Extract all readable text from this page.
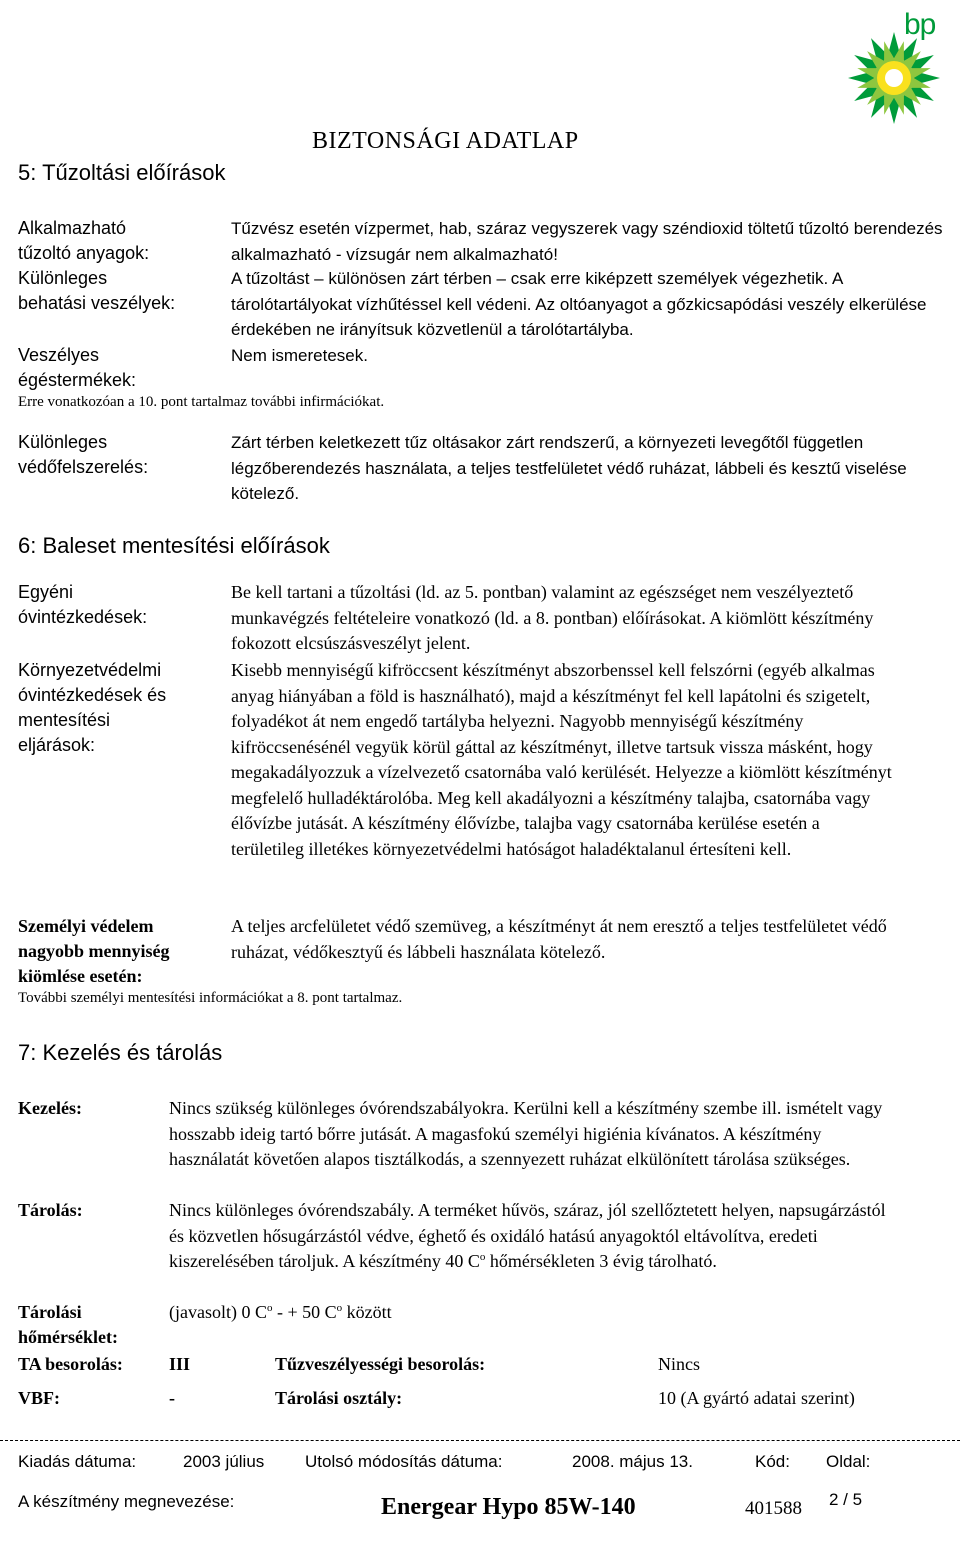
bp
BIZTONSÁGI ADATLAP
5: Tűzoltási előírások
Alkalmazható
tűzoltó anyagok:
Tűzvész esetén vízpermet, hab, száraz vegyszerek vagy széndioxid töltetű tűzoltó berendezés alkalmazható - vízsugár nem alkalmazható!
Különleges
behatási veszélyek:
A tűzoltást – különösen zárt térben – csak erre kiképzett személyek végezhetik. A tárolótartályokat vízhűtéssel kell védeni. Az oltóanyagot a gőzkicsapódási veszély elkerülése érdekében ne irányítsuk közvetlenül a tárolótartályba.
Veszélyes
égéstermékek:
Nem ismeretesek.
Erre vonatkozóan a 10. pont tartalmaz további infirmációkat.
Különleges
védőfelszerelés:
Zárt térben keletkezett tűz oltásakor zárt rendszerű, a környezeti levegőtől független légzőberendezés használata, a teljes testfelületet védő ruházat, lábbeli és kesztű viselése kötelező.
6: Baleset mentesítési előírások
Egyéni
óvintézkedések:
Be kell tartani a tűzoltási (ld. az 5. pontban) valamint az egészséget nem veszélyeztető munkavégzés feltételeire vonatkozó (ld. a 8. pontban) előírásokat. A kiömlött készítmény fokozott elcsúszásveszélyt jelent.
Környezetvédelmi
óvintézkedések és
mentesítési
eljárások:
Kisebb mennyiségű kifröccsent készítményt abszorbenssel kell felszórni (egyéb alkalmas anyag hiányában a föld is használható), majd a készítményt fel kell lapátolni és szigetelt, folyadékot át nem engedő tartályba helyezni. Nagyobb mennyiségű készítmény kifröccsenésénél vegyük körül gáttal az készítményt, illetve tartsuk vissza másként, hogy megakadályozzuk a vízelvezető csatornába való kerülését. Helyezze a kiömlött készítményt megfelelő hulladéktárolóba. Meg kell akadályozni a készítmény talajba, csatornába vagy élővízbe jutását. A készítmény élővízbe, talajba vagy csatornába kerülése esetén a területileg illetékes környezetvédelmi hatóságot haladéktalanul értesíteni kell.
Személyi védelem
nagyobb mennyiség
kiömlése esetén:
A teljes arcfelületet védő szemüveg, a készítményt át nem eresztő a teljes testfelületet védő ruházat, védőkesztyű és lábbeli használata kötelező.
További személyi mentesítési információkat a 8. pont tartalmaz.
7: Kezelés és tárolás
Kezelés:	Nincs szükség különleges óvórendszabályokra. Kerülni kell a készítmény szembe ill. ismételt vagy hosszabb ideig tartó bőrre jutását. A magasfokú személyi higiénia kívánatos. A készítmény használatát követően alapos tisztálkodás, a szennyezett ruházat elkülönített tárolása szükséges.
Tárolás:	Nincs különleges óvórendszabály. A terméket hűvös, száraz, jól szellőztetett helyen, napsugárzástól és közvetlen hősugárzástól védve, éghető és oxidáló hatású anyagoktól eltávolítva, eredeti kiszerelésében tároljuk. A készítmény 40 $C^o$ hőmérsékleten 3 évig tárolható.
Tárolási
hőmérséklet:
(javasolt) 0 $C^o$ - + 50 $C^o$ között
TA besorolás:	III	Tűzveszélyességi besorolás:	Nincs
VBF:	-	Tárolási osztály:	10 (A gyártó adatai szerint)
Kiadás dátuma:	2003 július Utolsó módosítás dátuma:	2008. május 13.	Kód: Oldal:
A készítmény megnevezése:	Energear Hypo 85W-140	401588 2 / 5
